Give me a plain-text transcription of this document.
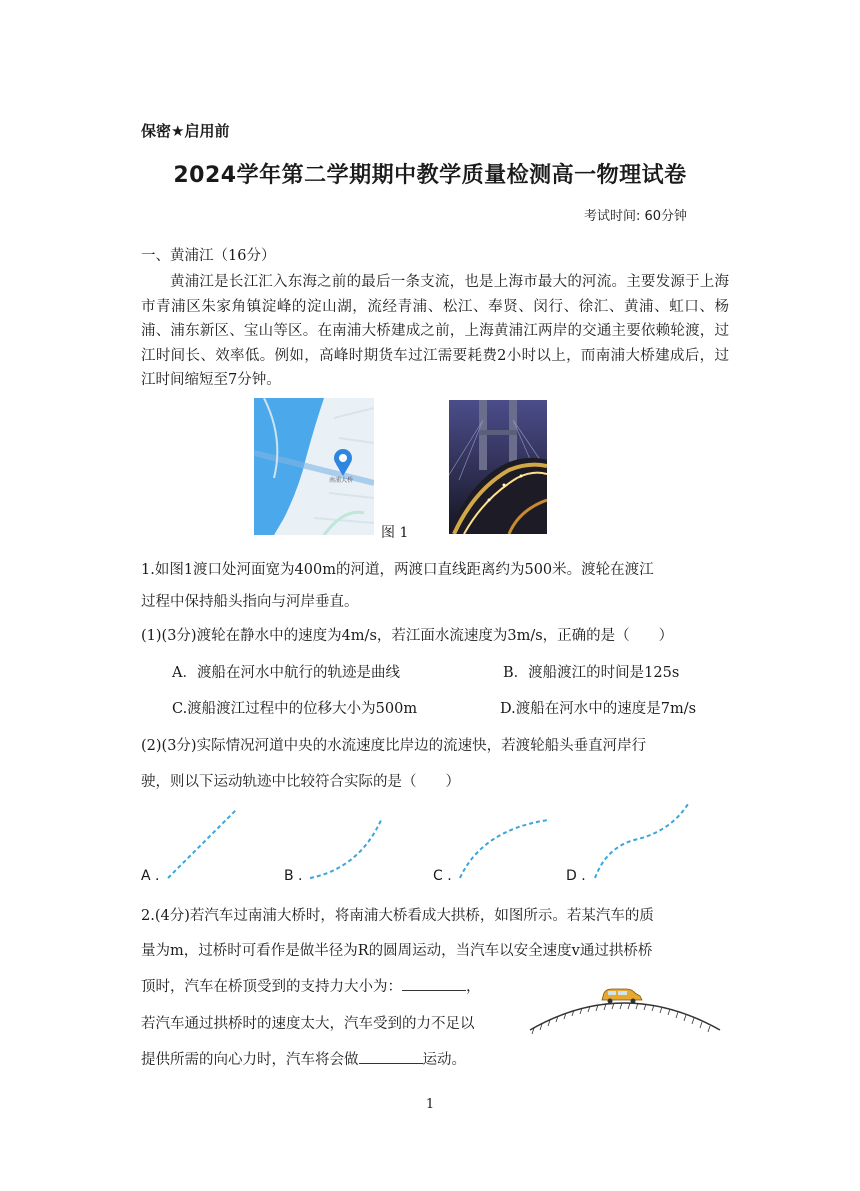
保密★启用前
2024学年第二学期期中教学质量检测高一物理试卷
考试时间: 60分钟
一、黄浦江（16分）
黄浦江是长江汇入东海之前的最后一条支流，也是上海市最大的河流。主要发源于上海市青浦区朱家角镇淀峰的淀山湖，流经青浦、松江、奉贤、闵行、徐汇、黄浦、虹口、杨浦、浦东新区、宝山等区。在南浦大桥建成之前，上海黄浦江两岸的交通主要依赖轮渡，过江时间长、效率低。例如，高峰时期货车过江需要耗费2小时以上，而南浦大桥建成后，过江时间缩短至7分钟。
南浦大桥
图 1
1.如图1渡口处河面宽为400m的河道，两渡口直线距离约为500米。渡轮在渡江
过程中保持船头指向与河岸垂直。
(1)(3分)渡轮在静水中的速度为4m/s，若江面水流速度为3m/s，正确的是（　　）
A．渡船在河水中航行的轨迹是曲线	B．渡船渡江的时间是125s
C.渡船渡江过程中的位移大小为500m	D.渡船在河水中的速度是7m/s
(2)(3分)实际情况河道中央的水流速度比岸边的流速快，若渡轮船头垂直河岸行
驶，则以下运动轨迹中比较符合实际的是（　　）
A .	B .	C .	D .
2.(4分)若汽车过南浦大桥时，将南浦大桥看成大拱桥，如图所示。若某汽车的质
量为m，过桥时可看作是做半径为R的圆周运动，当汽车以安全速度v通过拱桥桥
顶时，汽车在桥顶受到的支持力大小为：	，
若汽车通过拱桥时的速度太大，汽车受到的力不足以
提供所需的向心力时，汽车将会做	运动。
1
